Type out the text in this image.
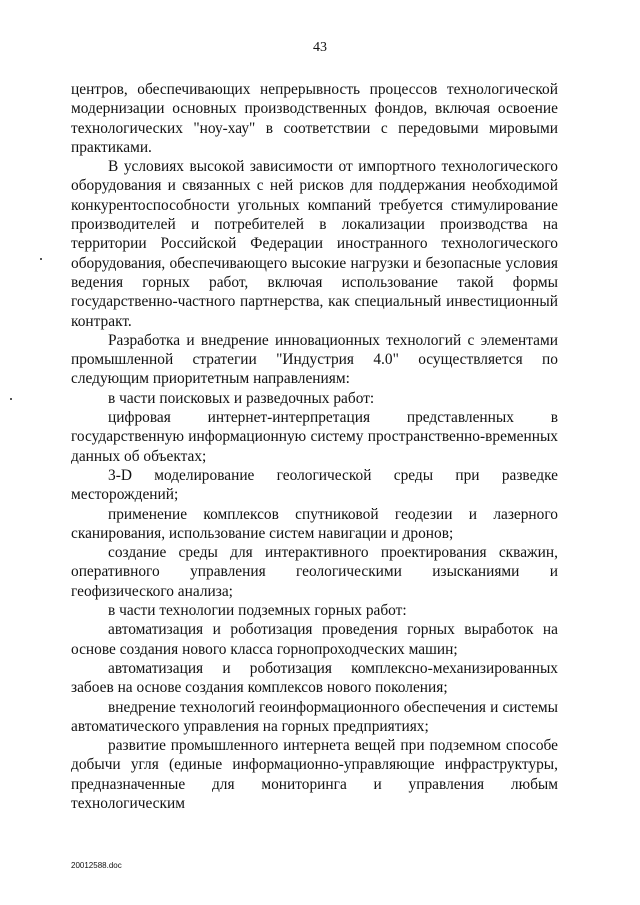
43

центров, обеспечивающих непрерывность процессов технологической модернизации основных производственных фондов, включая освоение технологических "ноу-хау" в соответствии с передовыми мировыми практиками.

В условиях высокой зависимости от импортного технологического оборудования и связанных с ней рисков для поддержания необходимой конкурентоспособности угольных компаний требуется стимулирование производителей и потребителей в локализации производства на территории Российской Федерации иностранного технологического оборудования, обеспечивающего высокие нагрузки и безопасные условия ведения горных работ, включая использование такой формы государственно-частного партнерства, как специальный инвестиционный контракт.

Разработка и внедрение инновационных технологий с элементами промышленной стратегии "Индустрия 4.0" осуществляется по следующим приоритетным направлениям:

в части поисковых и разведочных работ:

цифровая интернет-интерпретация представленных в государственную информационную систему пространственно-временных данных об объектах;

3-D моделирование геологической среды при разведке месторождений;

применение комплексов спутниковой геодезии и лазерного сканирования, использование систем навигации и дронов;

создание среды для интерактивного проектирования скважин, оперативного управления геологическими изысканиями и геофизического анализа;

в части технологии подземных горных работ:

автоматизация и роботизация проведения горных выработок на основе создания нового класса горнопроходческих машин;

автоматизация и роботизация комплексно-механизированных забоев на основе создания комплексов нового поколения;

внедрение технологий геоинформационного обеспечения и системы автоматического управления на горных предприятиях;

развитие промышленного интернета вещей при подземном способе добычи угля (единые информационно-управляющие инфраструктуры, предназначенные для мониторинга и управления любым технологическим

20012588.doc
